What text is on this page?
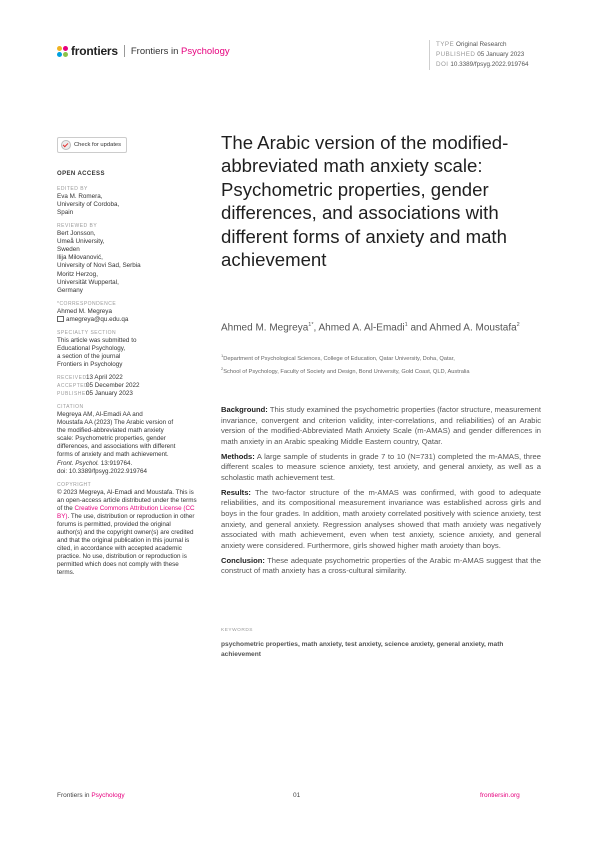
frontiers Frontiers in Psychology
TYPE Original Research
PUBLISHED 05 January 2023
DOI 10.3389/fpsyg.2022.919764
Check for updates
OPEN ACCESS
EDITED BY
Eva M. Romera,
University of Cordoba,
Spain
REVIEWED BY
Bert Jonsson,
Umeå University,
Sweden
Ilija Milovanović,
University of Novi Sad, Serbia
Moritz Herzog,
Universität Wuppertal,
Germany
*CORRESPONDENCE
Ahmed M. Megreya
amegreya@qu.edu.qa
SPECIALTY SECTION
This article was submitted to
Educational Psychology,
a section of the journal
Frontiers in Psychology
RECEIVED 13 April 2022
ACCEPTED
05 December 2022
PUBLISHED
05 January 2023
CITATION
Megreya AM, Al-Emadi AA and
Moustafa AA (2023) The Arabic version of
the modified-abbreviated math anxiety
scale: Psychometric properties, gender
differences, and associations with different
forms of anxiety and math achievement.
Front. Psychol. 13:919764.
doi: 10.3389/fpsyg.2022.919764
COPYRIGHT
© 2023 Megreya, Al-Emadi and Moustafa. This is an open-access article distributed under the terms of the Creative Commons Attribution License (CC BY). The use, distribution or reproduction in other forums is permitted, provided the original author(s) and the copyright owner(s) are credited and that the original publication in this journal is cited, in accordance with accepted academic practice. No use, distribution or reproduction is permitted which does not comply with these terms.
The Arabic version of the modified-abbreviated math anxiety scale: Psychometric properties, gender differences, and associations with different forms of anxiety and math achievement
Ahmed M. Megreya$^{1*}$, Ahmed A. Al-Emadi$^1$ and Ahmed A. Moustafa$^2$
$^1$Department of Psychological Sciences, College of Education, Qatar University, Doha, Qatar,
$^2$School of Psychology, Faculty of Society and Design, Bond University, Gold Coast, QLD, Australia

Background: This study examined the psychometric properties (factor structure, measurement invariance, convergent and criterion validity, inter-correlations, and reliabilities) of an Arabic version of the modified-Abbreviated Math Anxiety Scale (m-AMAS) and gender differences in math anxiety in an Arabic speaking Middle Eastern country, Qatar.

Methods: A large sample of students in grade 7 to 10 (N=731) completed the m-AMAS, three different scales to measure science anxiety, test anxiety, and general anxiety, as well as a scholastic math achievement test.

Results: The two-factor structure of the m-AMAS was confirmed, with good to adequate reliabilities, and its compositional measurement invariance was established across girls and boys in the four grades. In addition, math anxiety correlated positively with science anxiety, test anxiety, and general anxiety. Regression analyses showed that math anxiety was negatively associated with math achievement, even when test anxiety, science anxiety, and general anxiety were considered. Furthermore, girls showed higher math anxiety than boys.

Conclusion: These adequate psychometric properties of the Arabic m-AMAS suggest that the construct of math anxiety has a cross-cultural similarity.

KEYWORDS
psychometric properties, math anxiety, test anxiety, science anxiety, general anxiety, math achievement
Frontiers in Psychology	01	frontiersin.org
